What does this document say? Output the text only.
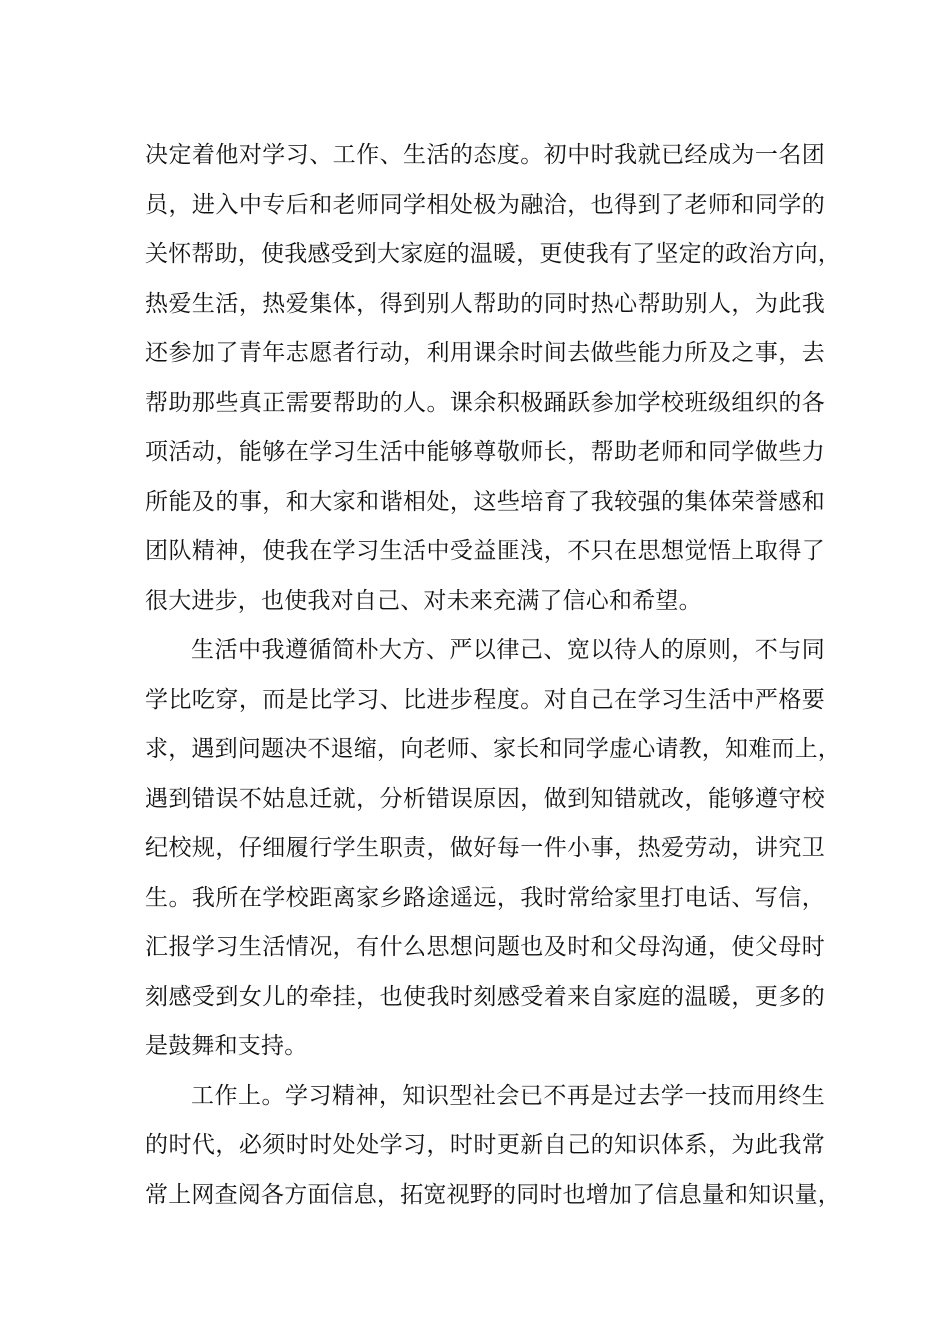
决定着他对学习、工作、生活的态度。初中时我就已经成为一名团
员，进入中专后和老师同学相处极为融洽，也得到了老师和同学的
关怀帮助，使我感受到大家庭的温暖，更使我有了坚定的政治方向，
热爱生活，热爱集体，得到别人帮助的同时热心帮助别人，为此我
还参加了青年志愿者行动，利用课余时间去做些能力所及之事，去
帮助那些真正需要帮助的人。课余积极踊跃参加学校班级组织的各
项活动，能够在学习生活中能够尊敬师长，帮助老师和同学做些力
所能及的事，和大家和谐相处，这些培育了我较强的集体荣誉感和
团队精神，使我在学习生活中受益匪浅，不只在思想觉悟上取得了
很大进步，也使我对自己、对未来充满了信心和希望。
生活中我遵循简朴大方、严以律己、宽以待人的原则，不与同
学比吃穿，而是比学习、比进步程度。对自己在学习生活中严格要
求，遇到问题决不退缩，向老师、家长和同学虚心请教，知难而上，
遇到错误不姑息迁就，分析错误原因，做到知错就改，能够遵守校
纪校规，仔细履行学生职责，做好每一件小事，热爱劳动，讲究卫
生。我所在学校距离家乡路途遥远，我时常给家里打电话、写信，
汇报学习生活情况，有什么思想问题也及时和父母沟通，使父母时
刻感受到女儿的牵挂，也使我时刻感受着来自家庭的温暖，更多的
是鼓舞和支持。
工作上。学习精神，知识型社会已不再是过去学一技而用终生
的时代，必须时时处处学习，时时更新自己的知识体系，为此我常
常上网查阅各方面信息，拓宽视野的同时也增加了信息量和知识量，
